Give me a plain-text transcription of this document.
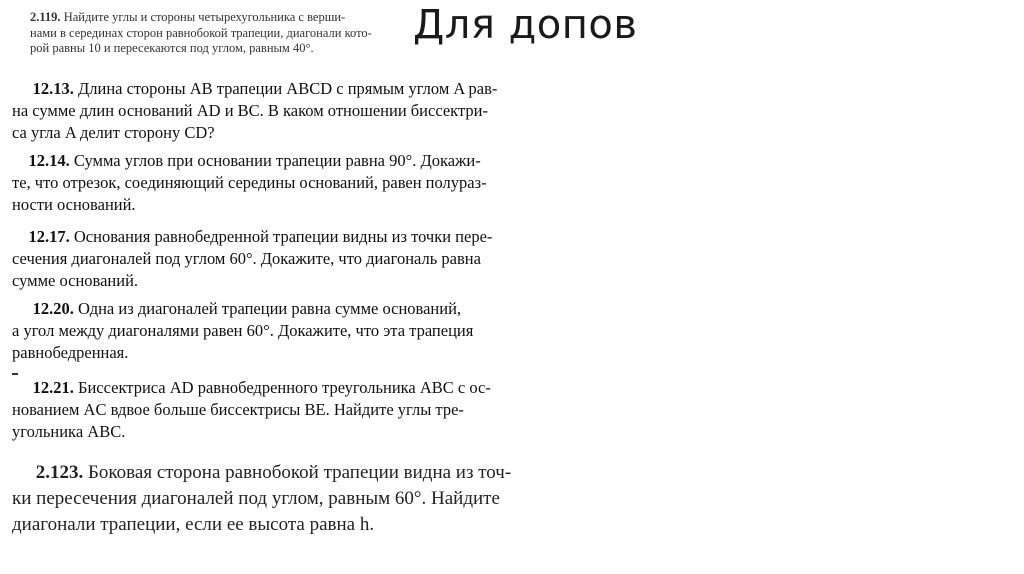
Для допов
2.119. Найдите углы и стороны четырехугольника с верши-
нами в серединах сторон равнобокой трапеции, диагонали кото-
рой равны 10 и пересекаются под углом, равным 40°.
12.13. Длина стороны AB трапеции ABCD с прямым углом A рав-
на сумме длин оснований AD и BC. В каком отношении биссектри-
са угла A делит сторону CD?
12.14. Сумма углов при основании трапеции равна 90°. Докажи-
те, что отрезок, соединяющий середины оснований, равен полураз-
ности оснований.
12.17. Основания равнобедренной трапеции видны из точки пере-
сечения диагоналей под углом 60°. Докажите, что диагональ равна
сумме оснований.
12.20. Одна из диагоналей трапеции равна сумме оснований,
а угол между диагоналями равен 60°. Докажите, что эта трапеция
равнобедренная.
12.21. Биссектриса AD равнобедренного треугольника ABC с ос-
нованием AC вдвое больше биссектрисы BE. Найдите углы тре-
угольника ABC.
2.123. Боковая сторона равнобокой трапеции видна из точ-
ки пересечения диагоналей под углом, равным 60°. Найдите
диагонали трапеции, если ее высота равна h.
